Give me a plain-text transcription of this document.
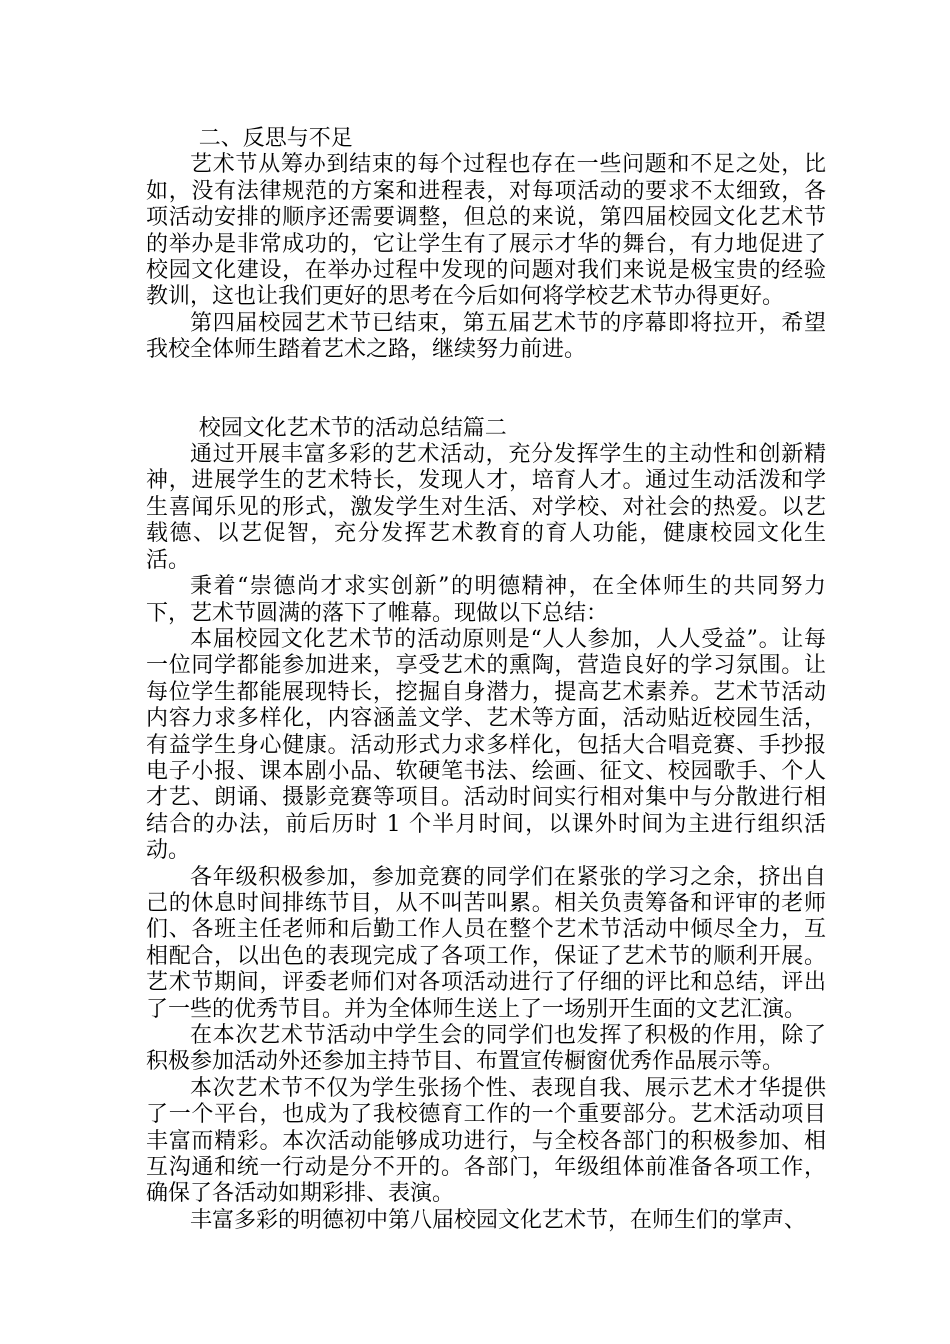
二、反思与不足

艺术节从筹办到结束的每个过程也存在一些问题和不足之处，比如，没有法律规范的方案和进程表，对每项活动的要求不太细致，各项活动安排的顺序还需要调整，但总的来说，第四届校园文化艺术节的举办是非常成功的，它让学生有了展示才华的舞台，有力地促进了校园文化建设，在举办过程中发现的问题对我们来说是极宝贵的经验教训，这也让我们更好的思考在今后如何将学校艺术节办得更好。

第四届校园艺术节已结束，第五届艺术节的序幕即将拉开，希望我校全体师生踏着艺术之路，继续努力前进。

校园文化艺术节的活动总结篇二

通过开展丰富多彩的艺术活动，充分发挥学生的主动性和创新精神，进展学生的艺术特长，发现人才，培育人才。通过生动活泼和学生喜闻乐见的形式，激发学生对生活、对学校、对社会的热爱。以艺载德、以艺促智，充分发挥艺术教育的育人功能，健康校园文化生活。

秉着“崇德尚才求实创新”的明德精神，在全体师生的共同努力下，艺术节圆满的落下了帷幕。现做以下总结：

本届校园文化艺术节的活动原则是“人人参加，人人受益”。让每一位同学都能参加进来，享受艺术的熏陶，营造良好的学习氛围。让每位学生都能展现特长，挖掘自身潜力，提高艺术素养。艺术节活动内容力求多样化，内容涵盖文学、艺术等方面，活动贴近校园生活，有益学生身心健康。活动形式力求多样化，包括大合唱竞赛、手抄报电子小报、课本剧小品、软硬笔书法、绘画、征文、校园歌手、个人才艺、朗诵、摄影竞赛等项目。活动时间实行相对集中与分散进行相结合的办法，前后历时 1 个半月时间，以课外时间为主进行组织活动。

各年级积极参加，参加竞赛的同学们在紧张的学习之余，挤出自己的休息时间排练节目，从不叫苦叫累。相关负责筹备和评审的老师们、各班主任老师和后勤工作人员在整个艺术节活动中倾尽全力，互相配合，以出色的表现完成了各项工作，保证了艺术节的顺利开展。艺术节期间，评委老师们对各项活动进行了仔细的评比和总结，评出了一些的优秀节目。并为全体师生送上了一场别开生面的文艺汇演。

在本次艺术节活动中学生会的同学们也发挥了积极的作用，除了积极参加活动外还参加主持节目、布置宣传橱窗优秀作品展示等。

本次艺术节不仅为学生张扬个性、表现自我、展示艺术才华提供了一个平台，也成为了我校德育工作的一个重要部分。艺术活动项目丰富而精彩。本次活动能够成功进行，与全校各部门的积极参加、相互沟通和统一行动是分不开的。各部门，年级组体前准备各项工作，确保了各活动如期彩排、表演。

丰富多彩的明德初中第八届校园文化艺术节，在师生们的掌声、
